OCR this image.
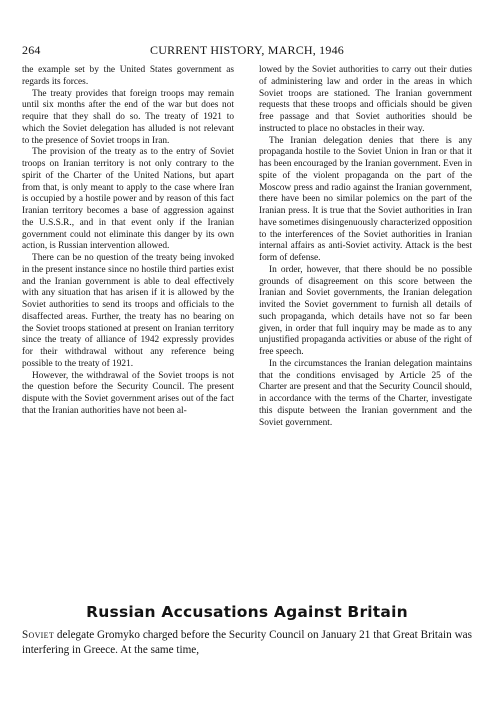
264	CURRENT HISTORY, MARCH, 1946

the example set by the United States government as regards its forces.

The treaty provides that foreign troops may remain until six months after the end of the war but does not require that they shall do so. The treaty of 1921 to which the Soviet delegation has alluded is not relevant to the presence of Soviet troops in Iran.

The provision of the treaty as to the entry of Soviet troops on Iranian territory is not only contrary to the spirit of the Charter of the United Nations, but apart from that, is only meant to apply to the case where Iran is occupied by a hostile power and by reason of this fact Iranian territory becomes a base of aggression against the U.S.S.R., and in that event only if the Iranian government could not eliminate this danger by its own action, is Russian intervention allowed.

There can be no question of the treaty being invoked in the present instance since no hostile third parties exist and the Iranian government is able to deal effectively with any situation that has arisen if it is allowed by the Soviet authorities to send its troops and officials to the disaffected areas. Further, the treaty has no bearing on the Soviet troops stationed at present on Iranian territory since the treaty of alliance of 1942 expressly provides for their withdrawal without any reference being possible to the treaty of 1921.

However, the withdrawal of the Soviet troops is not the question before the Security Council. The present dispute with the Soviet government arises out of the fact that the Iranian authorities have not been al-

lowed by the Soviet authorities to carry out their duties of administering law and order in the areas in which Soviet troops are stationed. The Iranian government requests that these troops and officials should be given free passage and that Soviet authorities should be instructed to place no obstacles in their way.

The Iranian delegation denies that there is any propaganda hostile to the Soviet Union in Iran or that it has been encouraged by the Iranian government. Even in spite of the violent propaganda on the part of the Moscow press and radio against the Iranian government, there have been no similar polemics on the part of the Iranian press. It is true that the Soviet authorities in Iran have sometimes disingenuously characterized opposition to the interferences of the Soviet authorities in Iranian internal affairs as anti-Soviet activity. Attack is the best form of defense.

In order, however, that there should be no possible grounds of disagreement on this score between the Iranian and Soviet governments, the Iranian delegation invited the Soviet government to furnish all details of such propaganda, which details have not so far been given, in order that full inquiry may be made as to any unjustified propaganda activities or abuse of the right of free speech.

In the circumstances the Iranian delegation maintains that the conditions envisaged by Article 25 of the Charter are present and that the Security Council should, in accordance with the terms of the Charter, investigate this dispute between the Iranian government and the Soviet government.

Russian Accusations Against Britain
Soviet delegate Gromyko charged before the Security Council on January 21 that Great Britain was interfering in Greece. At the same time,
